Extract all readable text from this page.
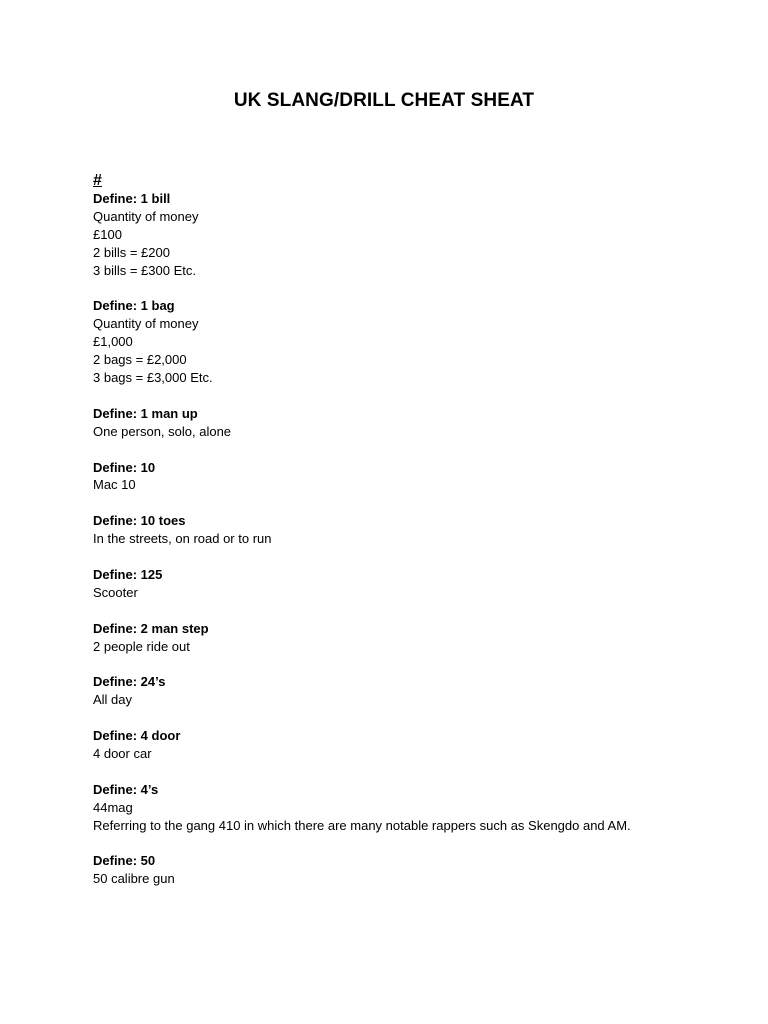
UK SLANG/DRILL CHEAT SHEAT
#
Define: 1 bill
Quantity of money
£100
2 bills = £200
3 bills = £300 Etc.
Define: 1 bag
Quantity of money
£1,000
2 bags = £2,000
3 bags = £3,000 Etc.
Define: 1 man up
One person, solo, alone
Define: 10
Mac 10
Define: 10 toes
In the streets, on road or to run
Define: 125
Scooter
Define: 2 man step
2 people ride out
Define: 24’s
All day
Define: 4 door
4 door car
Define: 4’s
44mag
Referring to the gang 410 in which there are many notable rappers such as Skengdo and AM.
Define: 50
50 calibre gun
